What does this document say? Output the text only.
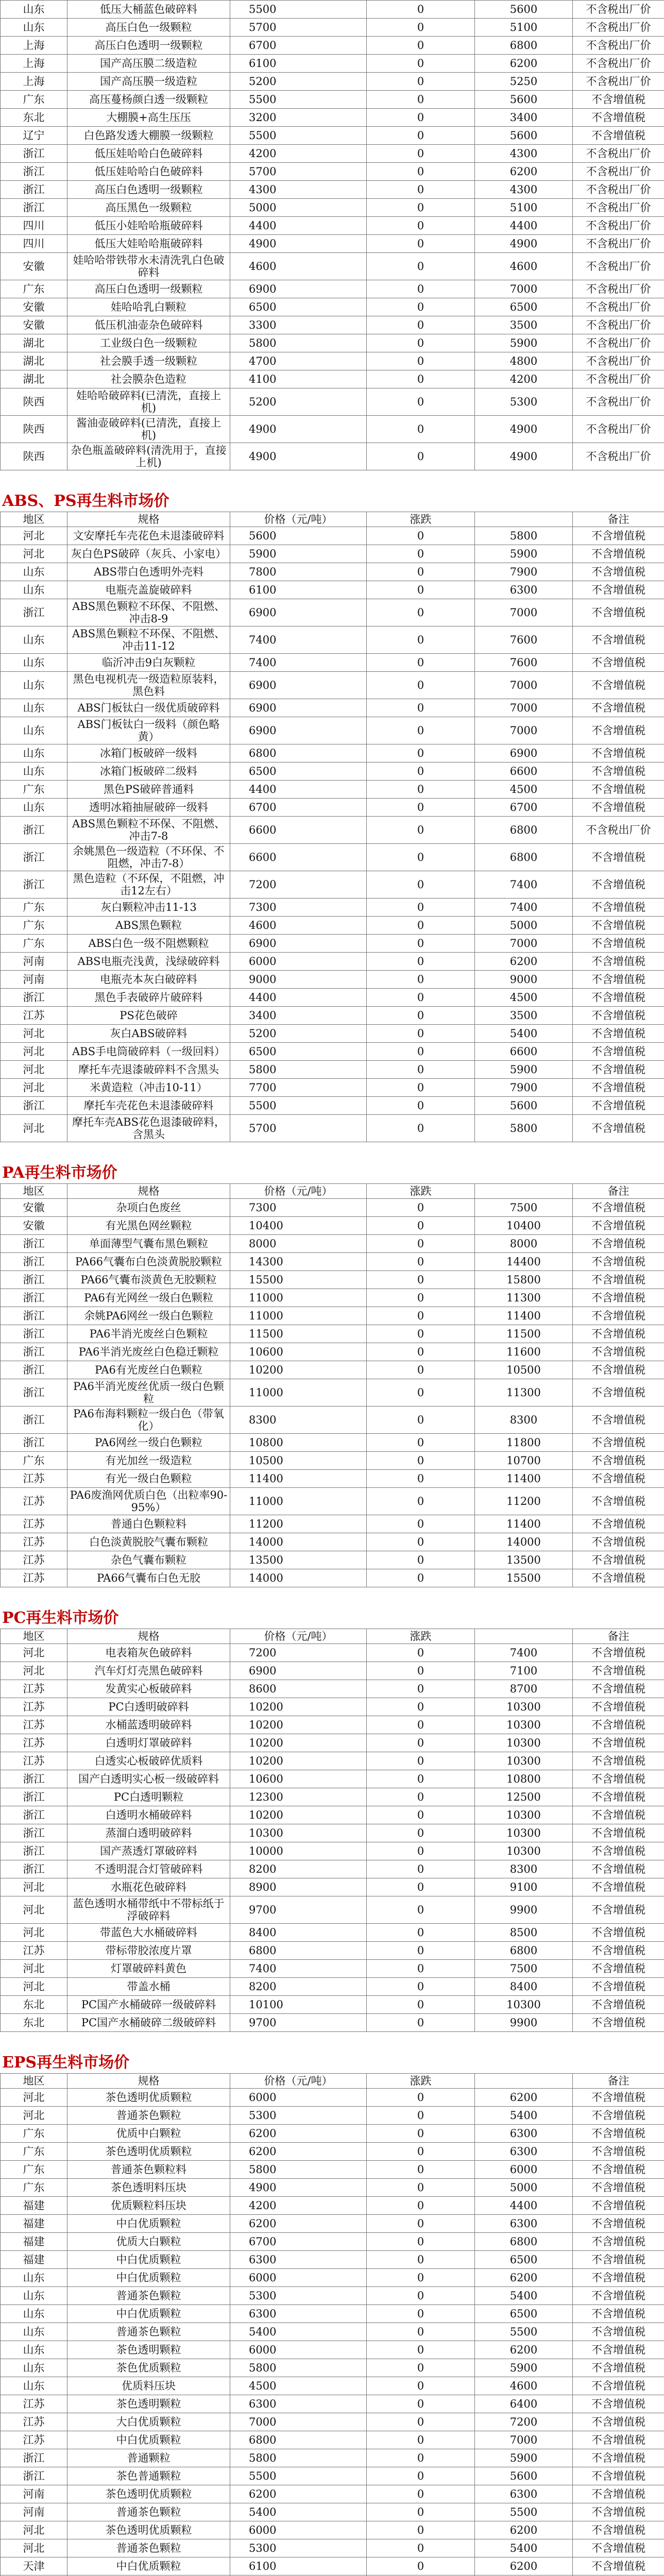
山东	低压大桶蓝色破碎料	5500	0	5600	不含税出厂价
山东	高压白色一级颗粒	5700	0	5100	不含税出厂价
上海	高压白色透明一级颗粒	6700	0	6800	不含税出厂价
上海	国产高压膜二级造粒	6100	0	6200	不含税出厂价
上海	国产高压膜一级造粒	5200	0	5250	不含税出厂价
广东	高压蔓杨颜白透一级颗粒	5500	0	5600	不含增值税
东北	大棚膜+高生压压	3200	0	3400	不含增值税
辽宁	白色路发透大棚膜一级颗粒	5500	0	5600	不含增值税
浙江	低压娃哈哈白色破碎料	4200	0	4300	不含税出厂价
浙江	低压娃哈哈白色破碎料	5700	0	6200	不含税出厂价
浙江	高压白色透明一级颗粒	4300	0	4300	不含税出厂价
浙江	高压黑色一级颗粒	5000	0	5100	不含税出厂价
四川	低压小娃哈哈瓶破碎料	4400	0	4400	不含税出厂价
四川	低压大娃哈哈瓶破碎料	4900	0	4900	不含税出厂价
安徽	娃哈哈带铁带水未清洗乳白色破碎料	4600	0	4600	不含税出厂价
广东	高压白色透明一级颗粒	6900	0	7000	不含税出厂价
安徽	娃哈哈乳白颗粒	6500	0	6500	不含税出厂价
安徽	低压机油壶杂色破碎料	3300	0	3500	不含税出厂价
湖北	工业级白色一级颗粒	5800	0	5900	不含税出厂价
湖北	社会膜手透一级颗粒	4700	0	4800	不含税出厂价
湖北	社会膜杂色造粒	4100	0	4200	不含税出厂价
陕西	娃哈哈破碎料(已清洗，直接上机)	5200	0	5300	不含税出厂价
陕西	酱油壶破碎料(已清洗，直接上机)	4900	0	4900	不含税出厂价
陕西	杂色瓶盖破碎料(清洗用于，直接上机)	4900	0	4900	不含税出厂价
ABS、PS再生料市场价
地区	规格	价格（元/吨）	涨跌		备注
河北	文安摩托车壳花色未退漆破碎料	5600	0	5800	不含增值税
河北	灰白色PS破碎（灰兵、小家电）	5900	0	5900	不含增值税
山东	ABS带白色透明外壳料	7800	0	7900	不含增值税
山东	电瓶壳盖旋破碎料	6100	0	6300	不含增值税
浙江	ABS黑色颗粒不环保、不阻燃、冲击8-9	6900	0	7000	不含增值税
山东	ABS黑色颗粒不环保、不阻燃、冲击11-12	7400	0	7600	不含增值税
山东	临沂冲击9白灰颗粒	7400	0	7600	不含增值税
山东	黑色电视机壳一级造粒原装料，黑色料	6900	0	7000	不含增值税
山东	ABS门板钛白一级优质破碎料	6900	0	7000	不含增值税
山东	ABS门板钛白一级料（颜色略黄）	6900	0	7000	不含增值税
山东	冰箱门板破碎一级料	6800	0	6900	不含增值税
山东	冰箱门板破碎二级料	6500	0	6600	不含增值税
广东	黑色PS破碎普通料	4400	0	4500	不含增值税
山东	透明冰箱抽屉破碎一级料	6700	0	6700	不含增值税
浙江	ABS黑色颗粒不环保、不阻燃、冲击7-8	6600	0	6800	不含税出厂价
浙江	余姚黑色一级造粒（不环保、不阻燃，冲击7-8）	6600	0	6800	不含增值税
浙江	黑色造粒（不环保，不阻燃，冲击12左右）	7200	0	7400	不含增值税
广东	灰白颗粒冲击11-13	7300	0	7400	不含增值税
广东	ABS黑色颗粒	4600	0	5000	不含增值税
广东	ABS白色一级不阻燃颗粒	6900	0	7000	不含增值税
河南	ABS电瓶壳浅黄，浅绿破碎料	6000	0	6200	不含增值税
河南	电瓶壳本灰白破碎料	9000	0	9000	不含增值税
浙江	黑色手表破碎片破碎料	4400	0	4500	不含增值税
江苏	PS花色破碎	3400	0	3500	不含增值税
河北	灰白ABS破碎料	5200	0	5400	不含增值税
河北	ABS手电筒破碎料（一级回料）	6500	0	6600	不含增值税
河北	摩托车壳退漆破碎料不含黑头	5800	0	5900	不含增值税
河北	米黄造粒（冲击10-11）	7700	0	7900	不含增值税
浙江	摩托车壳花色未退漆破碎料	5500	0	5600	不含增值税
河北	摩托车壳ABS花色退漆破碎料，含黑头	5700	0	5800	不含增值税
PA再生料市场价
地区	规格	价格（元/吨）	涨跌		备注
安徽	杂项白色废丝	7300	0	7500	不含增值税
安徽	有光黑色网丝颗粒	10400	0	10400	不含增值税
浙江	单面薄型气囊布黑色颗粒	8000	0	8000	不含增值税
浙江	PA66气囊布白色淡黄脱胶颗粒	14300	0	14400	不含增值税
浙江	PA66气囊布淡黄色无胶颗粒	15500	0	15800	不含增值税
浙江	PA6有光网丝一级白色颗粒	11000	0	11300	不含增值税
浙江	余姚PA6网丝一级白色颗粒	11000	0	11400	不含增值税
浙江	PA6半消光废丝白色颗粒	11500	0	11500	不含增值税
浙江	PA6半消光废丝白色稳迁颗粒	10600	0	11600	不含增值税
浙江	PA6有光废丝白色颗粒	10200	0	10500	不含增值税
浙江	PA6半消光废丝优质一级白色颗粒	11000	0	11300	不含增值税
浙江	PA6布海料颗粒一级白色（带氧化）	8300	0	8300	不含增值税
浙江	PA6网丝一级白色颗粒	10800	0	11800	不含增值税
广东	有光加丝一级造粒	10500	0	10700	不含增值税
江苏	有光一级白色颗粒	11400	0	11400	不含增值税
江苏	PA6废渔网优质白色（出粒率90-95%）	11000	0	11200	不含增值税
江苏	普通白色颗粒料	11200	0	11400	不含增值税
江苏	白色淡黄脱胶气囊布颗粒	14000	0	14000	不含增值税
江苏	杂色气囊布颗粒	13500	0	13500	不含增值税
江苏	PA66气囊布白色无胶	14000	0	15500	不含增值税
PC再生料市场价
地区	规格	价格（元/吨）	涨跌		备注
河北	电表箱灰色破碎料	7200	0	7400	不含增值税
河北	汽车灯灯壳黑色破碎料	6900	0	7100	不含增值税
江苏	发黄实心板破碎料	8600	0	8700	不含增值税
江苏	PC白透明破碎料	10200	0	10300	不含增值税
江苏	水桶蓝透明破碎料	10200	0	10300	不含增值税
江苏	白透明灯罩破碎料	10200	0	10300	不含增值税
江苏	白透实心板破碎优质料	10200	0	10300	不含增值税
浙江	国产白透明实心板一级破碎料	10600	0	10800	不含增值税
浙江	PC白透明颗粒	12300	0	12500	不含增值税
浙江	白透明水桶破碎料	10200	0	10300	不含增值税
浙江	蒸溜白透明破碎料	10300	0	10300	不含增值税
浙江	国产蒸透灯罩破碎料	10000	0	10300	不含增值税
浙江	不透明混合灯管破碎料	8200	0	8300	不含增值税
河北	水瓶花色破碎料	8900	0	9100	不含增值税
河北	蓝色透明水桶带纸中不带标纸于浮破碎料	9700	0	9900	不含增值税
河北	带蓝色大水桶破碎料	8400	0	8500	不含增值税
江苏	带标带胶浓度片罩	6800	0	6800	不含增值税
河北	灯罩破碎料黄色	7400	0	7500	不含增值税
河北	带盖水桶	8200	0	8400	不含增值税
东北	PC国产水桶破碎一级破碎料	10100	0	10300	不含增值税
东北	PC国产水桶破碎二级破碎料	9700	0	9900	不含增值税
EPS再生料市场价
地区	规格	价格（元/吨）	涨跌		备注
河北	茶色透明优质颗粒	6000	0	6200	不含增值税
河北	普通茶色颗粒	5300	0	5400	不含增值税
广东	优质中白颗粒	6200	0	6300	不含增值税
广东	茶色透明优质颗粒	6200	0	6300	不含增值税
广东	普通茶色颗粒料	5800	0	6000	不含增值税
广东	茶色透明料压块	4900	0	5000	不含增值税
福建	优质颗粒料压块	4200	0	4400	不含增值税
福建	中白优质颗粒	6200	0	6300	不含增值税
福建	优质大白颗粒	6700	0	6800	不含增值税
福建	中白优质颗粒	6300	0	6500	不含增值税
山东	中白优质颗粒	6000	0	6200	不含增值税
山东	普通茶色颗粒	5300	0	5400	不含增值税
山东	中白优质颗粒	6300	0	6500	不含增值税
山东	普通茶色颗粒	5400	0	5500	不含增值税
山东	茶色透明颗粒	6000	0	6200	不含增值税
山东	茶色优质颗粒	5800	0	5900	不含增值税
山东	优质料压块	4500	0	4600	不含增值税
江苏	茶色透明颗粒	6300	0	6400	不含增值税
江苏	大白优质颗粒	7000	0	7200	不含增值税
江苏	中白优质颗粒	6800	0	7000	不含增值税
浙江	普通颗粒	5800	0	5900	不含增值税
浙江	茶色普通颗粒	5500	0	5600	不含增值税
河南	茶色透明优质颗粒	6200	0	6300	不含增值税
河南	普通茶色颗粒	5400	0	5500	不含增值税
河北	茶色透明优质颗粒	6000	0	6200	不含增值税
河北	普通茶色颗粒	5300	0	5400	不含增值税
天津	中白优质颗粒	6100	0	6200	不含增值税
